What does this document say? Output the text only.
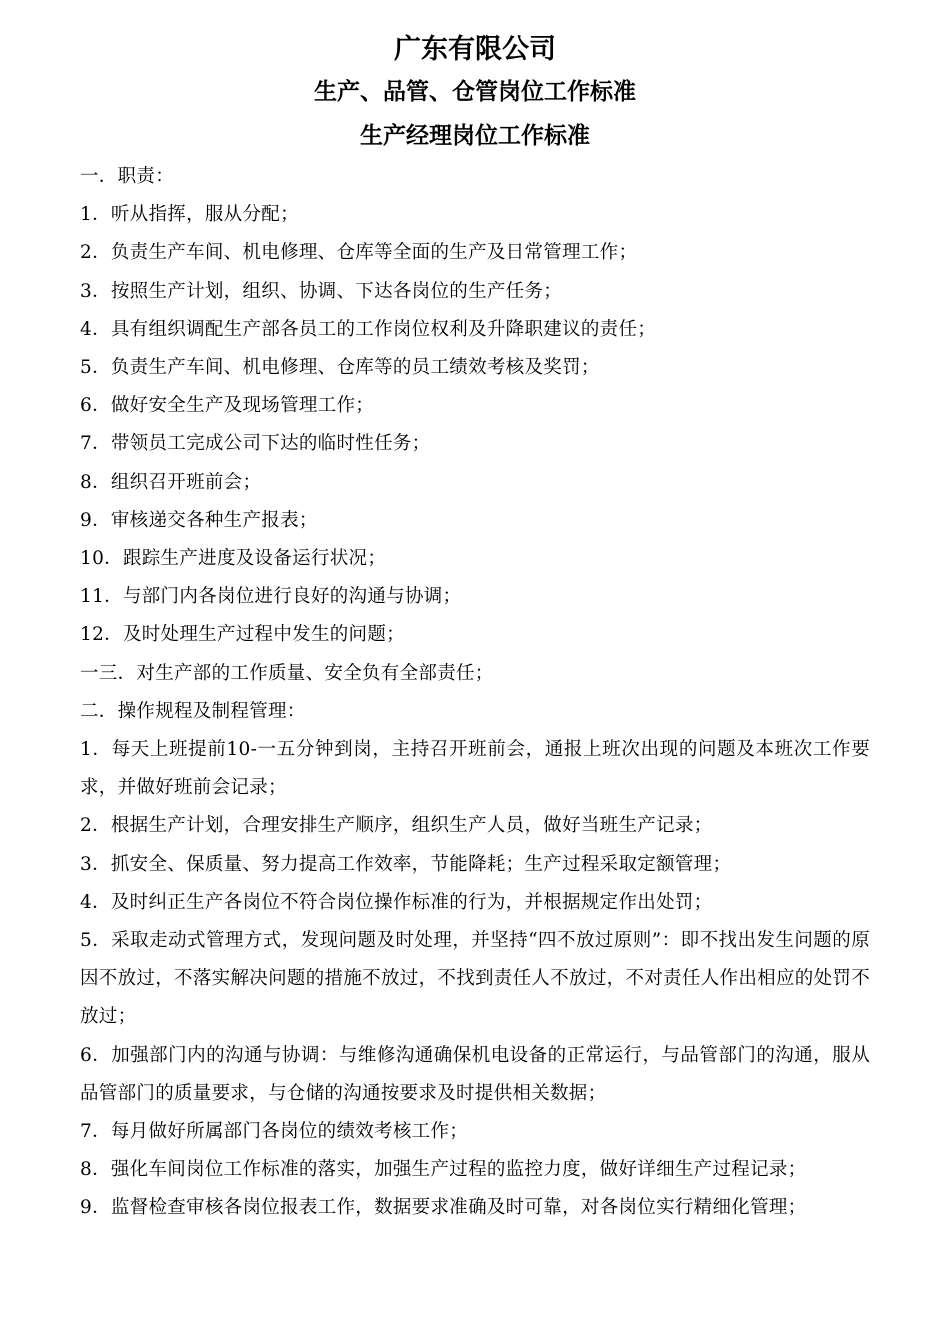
广东有限公司
生产、品管、仓管岗位工作标准
生产经理岗位工作标准

一．职责：

1．听从指挥，服从分配；

2．负责生产车间、机电修理、仓库等全面的生产及日常管理工作；

3．按照生产计划，组织、协调、下达各岗位的生产任务；

4．具有组织调配生产部各员工的工作岗位权利及升降职建议的责任；

5．负责生产车间、机电修理、仓库等的员工绩效考核及奖罚；

6．做好安全生产及现场管理工作；

7．带领员工完成公司下达的临时性任务；

8．组织召开班前会；

9．审核递交各种生产报表；

10．跟踪生产进度及设备运行状况；

11．与部门内各岗位进行良好的沟通与协调；

12．及时处理生产过程中发生的问题；

一三．对生产部的工作质量、安全负有全部责任；

二．操作规程及制程管理：

1．每天上班提前10-一五分钟到岗，主持召开班前会，通报上班次出现的问题及本班次工作要求，并做好班前会记录；

2．根据生产计划，合理安排生产顺序，组织生产人员，做好当班生产记录；

3．抓安全、保质量、努力提高工作效率，节能降耗；生产过程采取定额管理；

4．及时纠正生产各岗位不符合岗位操作标准的行为，并根据规定作出处罚；

5．采取走动式管理方式，发现问题及时处理，并坚持“四不放过原则”：即不找出发生问题的原因不放过，不落实解决问题的措施不放过，不找到责任人不放过，不对责任人作出相应的处罚不放过；

6．加强部门内的沟通与协调：与维修沟通确保机电设备的正常运行，与品管部门的沟通，服从品管部门的质量要求，与仓储的沟通按要求及时提供相关数据；

7．每月做好所属部门各岗位的绩效考核工作；

8．强化车间岗位工作标准的落实，加强生产过程的监控力度，做好详细生产过程记录；

9．监督检查审核各岗位报表工作，数据要求准确及时可靠，对各岗位实行精细化管理；
